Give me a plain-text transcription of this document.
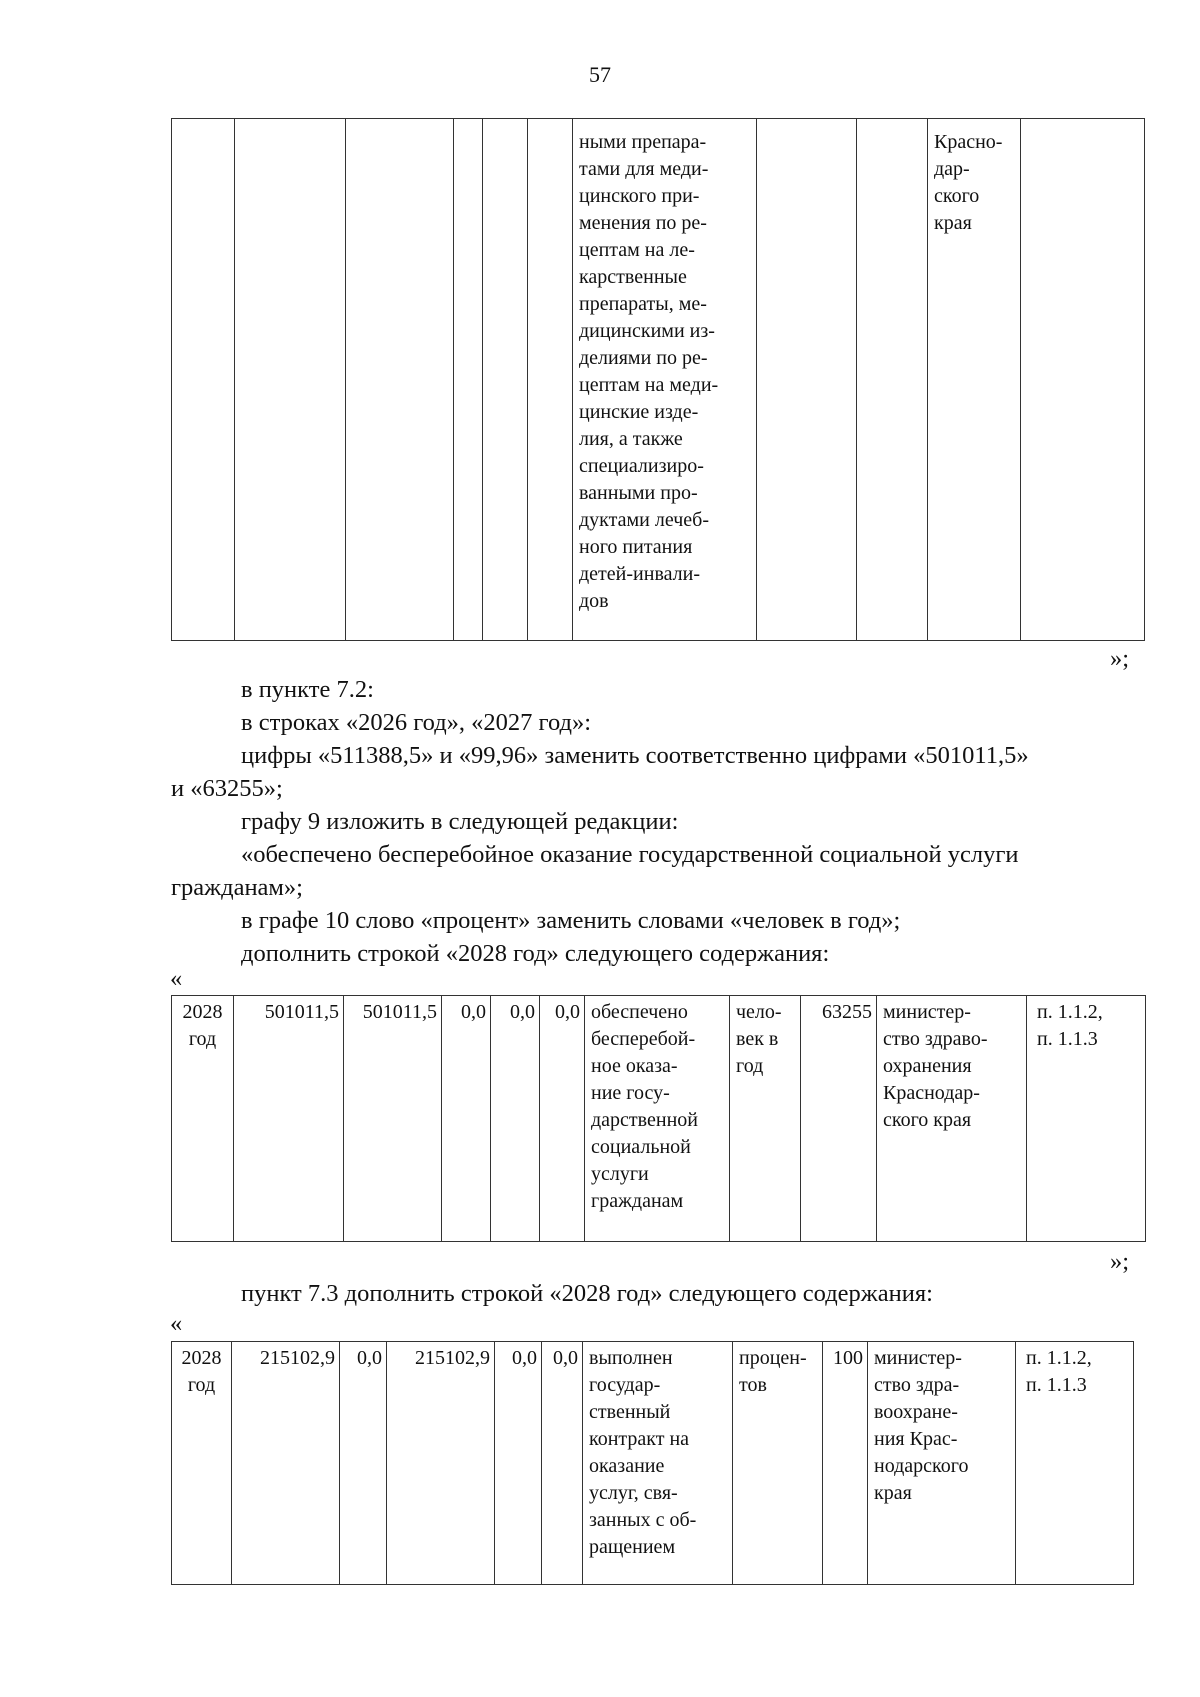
57
						ными препара-
тами для меди-
цинского при-
менения по ре-
цептам на ле-
карственные
препараты, ме-
дицинскими из-
делиями по ре-
цептам на меди-
цинские изде-
лия, а также
специализиро-
ванными про-
дуктами лечеб-
ного питания
детей-инвали-
дов			Красно-
дар-
ского
края	
»;
в пункте 7.2:
в строках «2026 год», «2027 год»:
цифры «511388,5» и «99,96» заменить соответственно цифрами «501011,5»
и «63255»;
графу 9 изложить в следующей редакции:
«обеспечено бесперебойное оказание государственной социальной услуги
гражданам»;
в графе 10 слово «процент» заменить словами «человек в год»;
дополнить строкой «2028 год» следующего содержания:
«
2028
год	501011,5	501011,5	0,0	0,0	0,0	обеспечено
бесперебой-
ное оказа-
ние госу-
дарственной
социальной
услуги
гражданам	чело-
век в
год	63255	министер-
ство здраво-
охранения
Краснодар-
ского края	п. 1.1.2,
п. 1.1.3
»;
пункт 7.3 дополнить строкой «2028 год» следующего содержания:
«
2028
год	215102,9	0,0	215102,9	0,0	0,0	выполнен
государ-
ственный
контракт на
оказание
услуг, свя-
занных с об-
ращением	процен-
тов	100	министер-
ство здра-
воохране-
ния Крас-
нодарского
края	п. 1.1.2,
п. 1.1.3
